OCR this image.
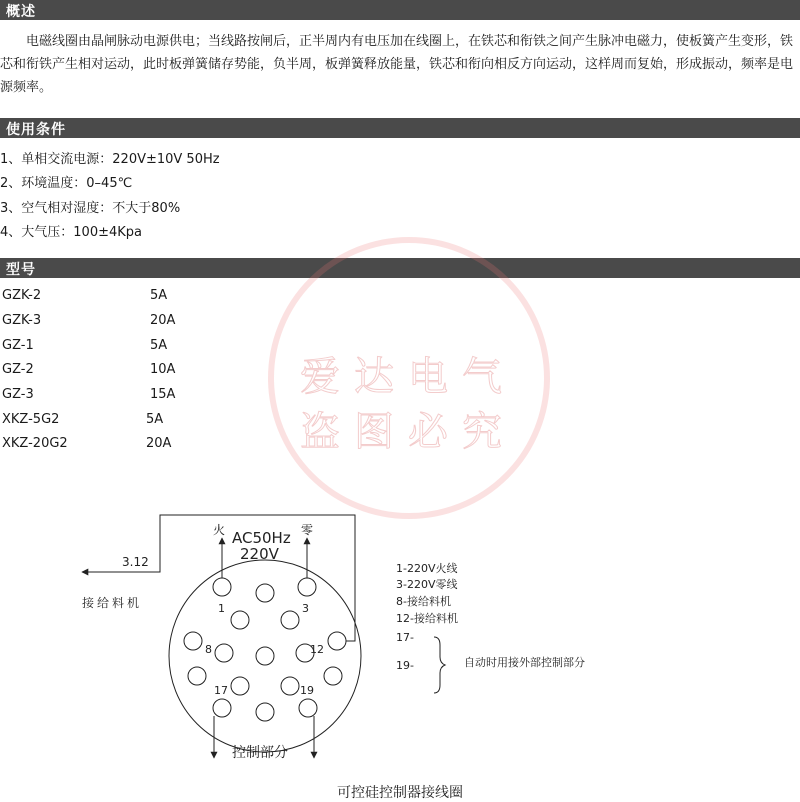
概述
电磁线圈由晶闸脉动电源供电；当线路按闸后，正半周内有电压加在线圈上，在铁芯和衔铁之间产生脉冲电磁力，使板簧产生变形，铁芯和衔铁产生相对运动，此时板弹簧储存势能，负半周，板弹簧释放能量，铁芯和衔向相反方向运动，这样周而复始，形成振动，频率是电源频率。
使用条件
1、单相交流电源：220V±10V 50Hz
2、环境温度：0–45℃
3、空气相对湿度：不大于80%
4、大气压：100±4Kpa
型号
GZK-2	5A
GZK-3	20A
GZ-1	5A
GZ-2	10A
GZ-3	15A
XKZ-5G2	5A
XKZ-20G2	20A
爱达电气
盗图必究
火	零
AC50Hz
220V
3.12
接给料机	1	3
8	12
17	19
控制部分
1-220V火线
3-220V零线
8-接给料机
12-接给料机
17-
19-	自动时用接外部控制部分
可控硅控制器接线圈
